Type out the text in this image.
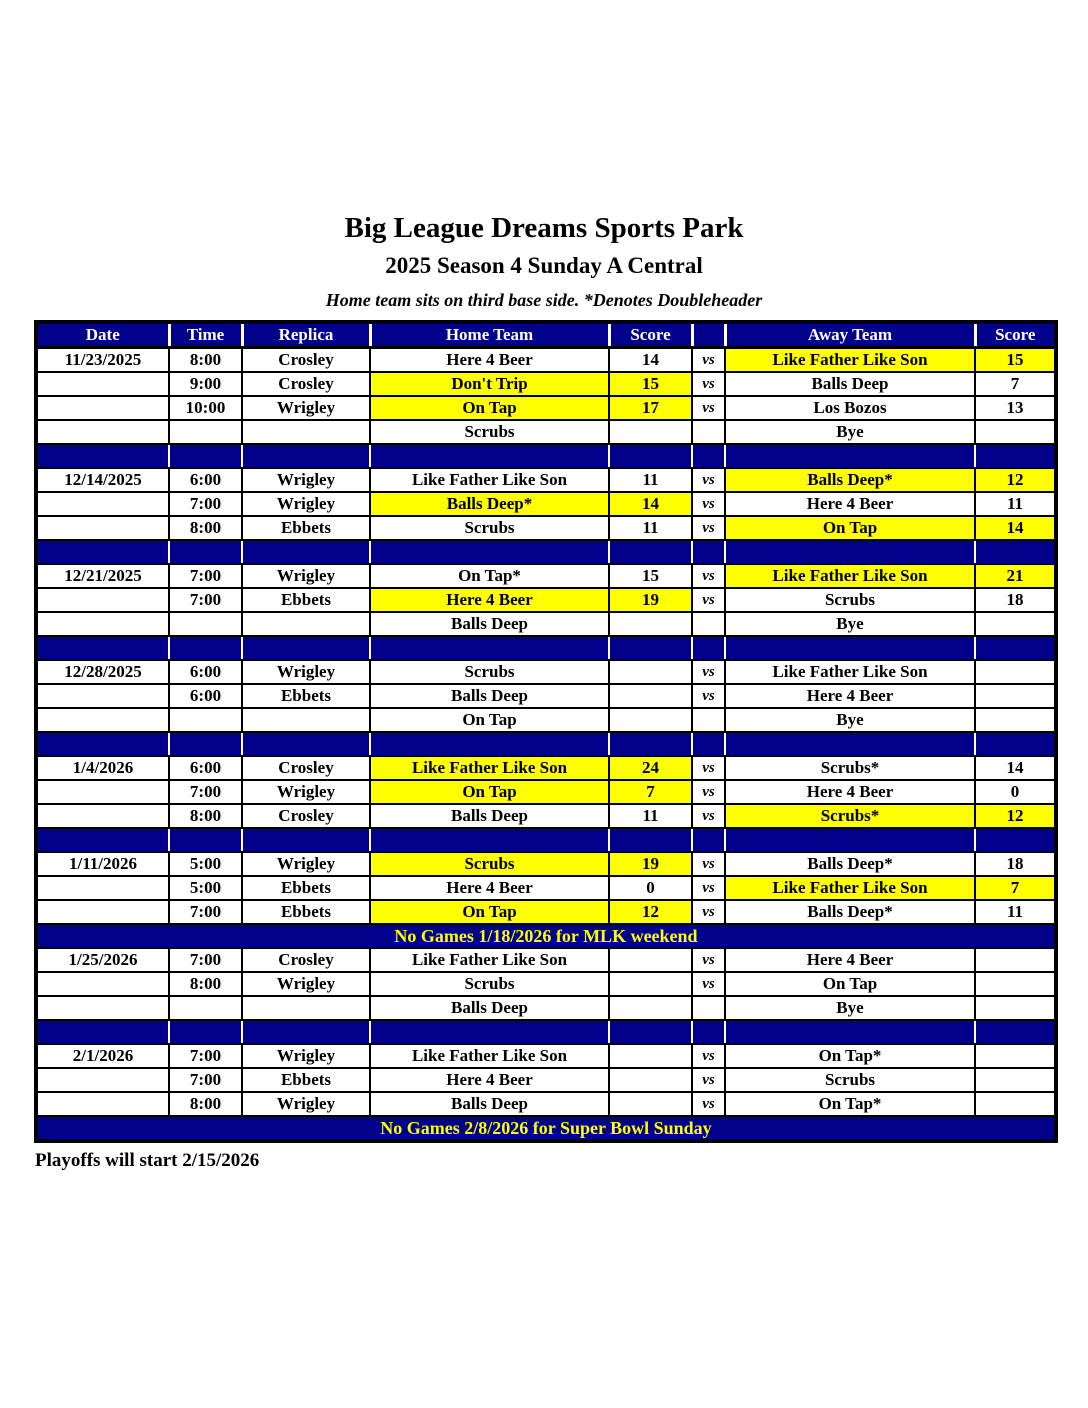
Big League Dreams Sports Park
2025 Season 4 Sunday A Central
Home team sits on third base side. *Denotes Doubleheader
Date	Time	Replica	Home Team	Score		Away Team	Score
11/23/2025	8:00	Crosley	Here 4 Beer	14	vs	Like Father Like Son	15
	9:00	Crosley	Don't Trip	15	vs	Balls Deep	7
	10:00	Wrigley	On Tap	17	vs	Los Bozos	13
			Scrubs			Bye	

12/14/2025	6:00	Wrigley	Like Father Like Son	11	vs	Balls Deep*	12
	7:00	Wrigley	Balls Deep*	14	vs	Here 4 Beer	11
	8:00	Ebbets	Scrubs	11	vs	On Tap	14

12/21/2025	7:00	Wrigley	On Tap*	15	vs	Like Father Like Son	21
	7:00	Ebbets	Here 4 Beer	19	vs	Scrubs	18
			Balls Deep			Bye	

12/28/2025	6:00	Wrigley	Scrubs		vs	Like Father Like Son	
	6:00	Ebbets	Balls Deep		vs	Here 4 Beer	
			On Tap			Bye	

1/4/2026	6:00	Crosley	Like Father Like Son	24	vs	Scrubs*	14
	7:00	Wrigley	On Tap	7	vs	Here 4 Beer	0
	8:00	Crosley	Balls Deep	11	vs	Scrubs*	12

1/11/2026	5:00	Wrigley	Scrubs	19	vs	Balls Deep*	18
	5:00	Ebbets	Here 4 Beer	0	vs	Like Father Like Son	7
	7:00	Ebbets	On Tap	12	vs	Balls Deep*	11
No Games 1/18/2026 for MLK weekend							
1/25/2026	7:00	Crosley	Like Father Like Son		vs	Here 4 Beer	
	8:00	Wrigley	Scrubs		vs	On Tap	
			Balls Deep			Bye	

2/1/2026	7:00	Wrigley	Like Father Like Son		vs	On Tap*	
	7:00	Ebbets	Here 4 Beer		vs	Scrubs	
	8:00	Wrigley	Balls Deep		vs	On Tap*	
No Games 2/8/2026 for Super Bowl Sunday							
Playoffs will start 2/15/2026
